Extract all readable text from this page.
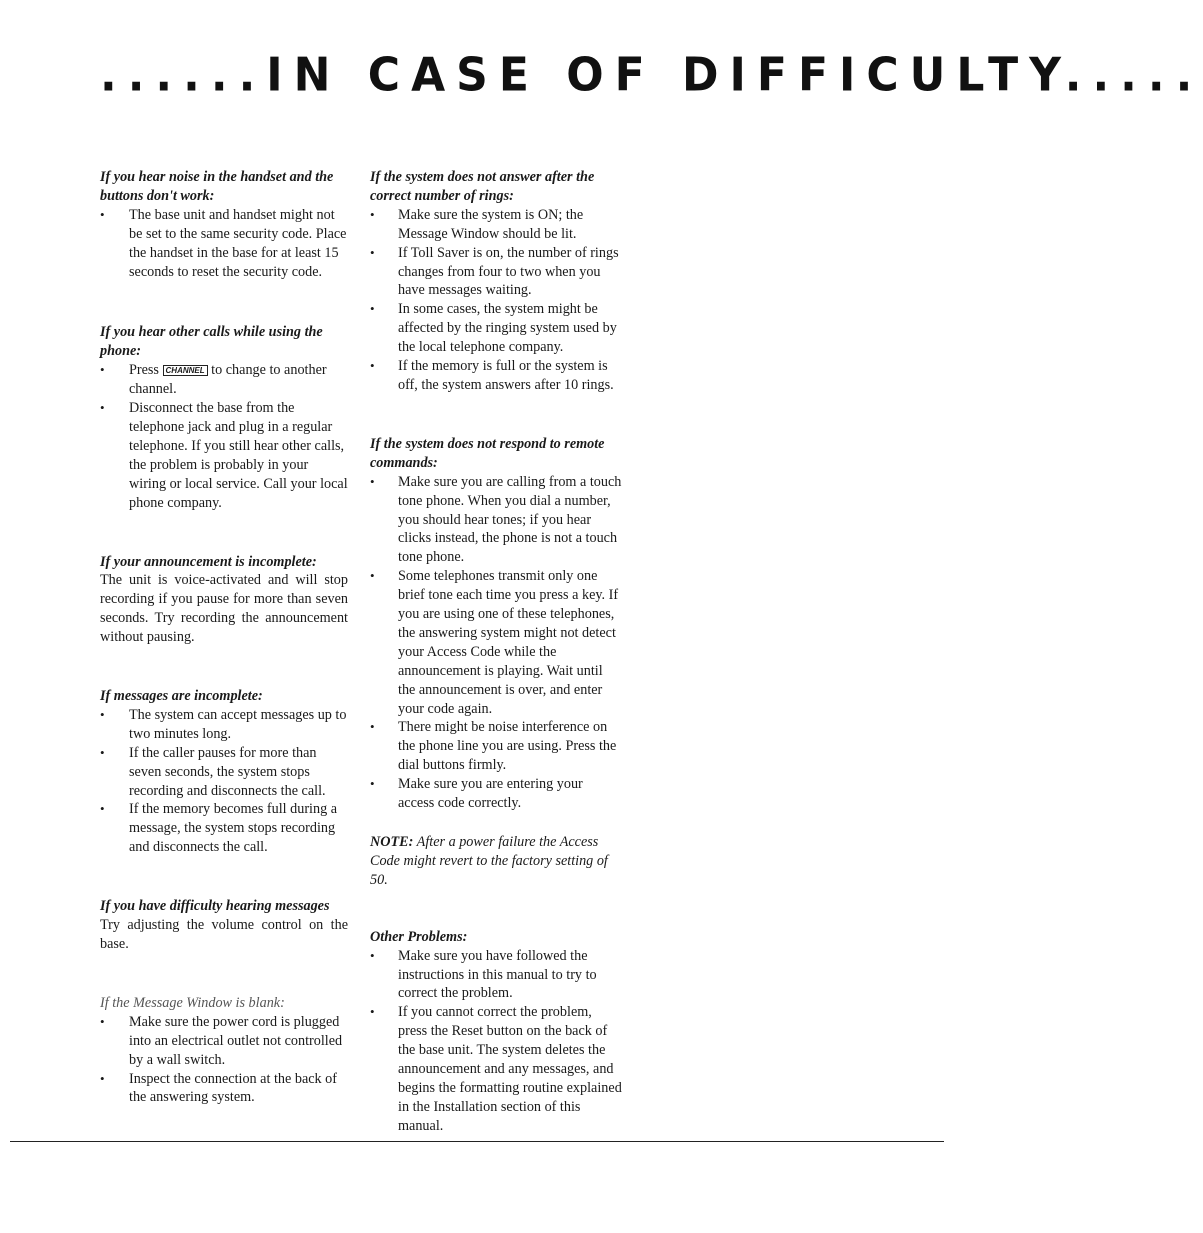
......IN CASE OF DIFFICULTY.....

If you hear noise in the handset and the buttons don't work:

• The base unit and handset might not be set to the same security code. Place the handset in the base for at least 15 seconds to reset the security code.

If you hear other calls while using the phone:

• Press CHANNEL to change to another channel.
• Disconnect the base from the telephone jack and plug in a regular telephone. If you still hear other calls, the problem is probably in your wiring or local service. Call your local phone company.

If your announcement is incomplete:

The unit is voice-activated and will stop recording if you pause for more than seven seconds. Try recording the announcement without pausing.

If messages are incomplete:

• The system can accept messages up to two minutes long.
• If the caller pauses for more than seven seconds, the system stops recording and disconnects the call.
• If the memory becomes full during a message, the system stops recording and disconnects the call.

If you have difficulty hearing messages

Try adjusting the volume control on the base.

If the Message Window is blank:

• Make sure the power cord is plugged into an electrical outlet not controlled by a wall switch.
• Inspect the connection at the back of the answering system.

If the system does not answer after the correct number of rings:

• Make sure the system is ON; the Message Window should be lit.
• If Toll Saver is on, the number of rings changes from four to two when you have messages waiting.
• In some cases, the system might be affected by the ringing system used by the local telephone company.
• If the memory is full or the system is off, the system answers after 10 rings.

If the system does not respond to remote commands:

• Make sure you are calling from a touch tone phone. When you dial a number, you should hear tones; if you hear clicks instead, the phone is not a touch tone phone.
• Some telephones transmit only one brief tone each time you press a key. If you are using one of these telephones, the answering system might not detect your Access Code while the announcement is playing. Wait until the announcement is over, and enter your code again.
• There might be noise interference on the phone line you are using. Press the dial buttons firmly.
• Make sure you are entering your access code correctly.

NOTE: After a power failure the Access Code might revert to the factory setting of 50.

Other Problems:

• Make sure you have followed the instructions in this manual to try to correct the problem.
• If you cannot correct the problem, press the Reset button on the back of the base unit. The system deletes the announcement and any messages, and begins the formatting routine explained in the Installation section of this manual.
